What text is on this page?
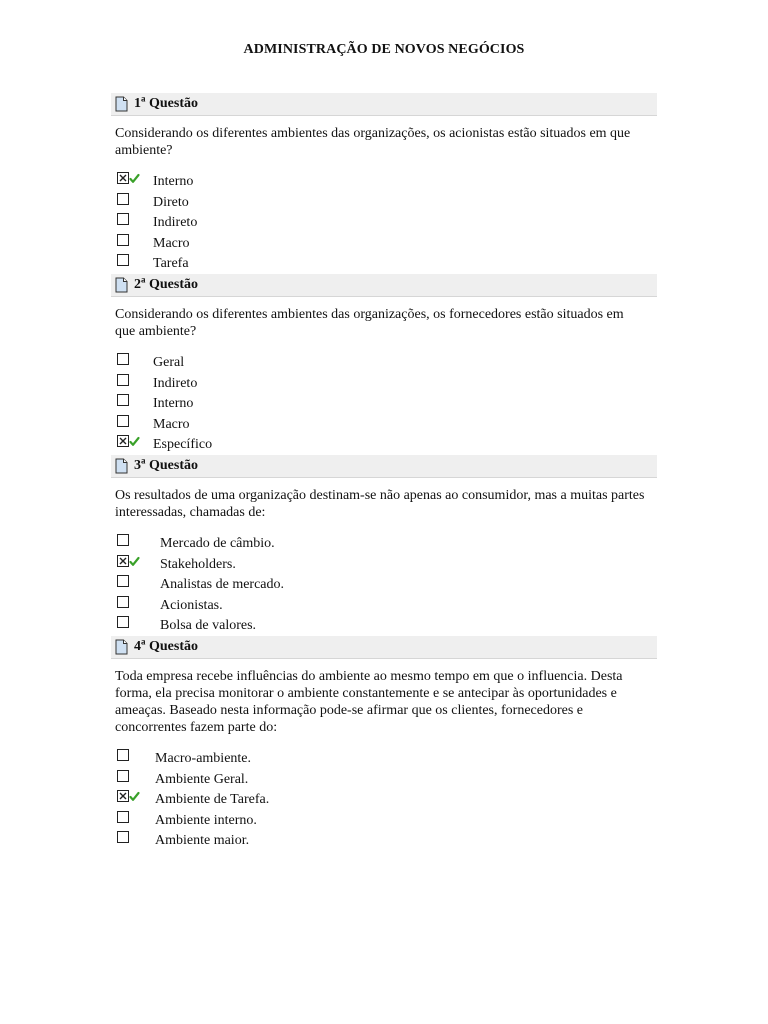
ADMINISTRAÇÃO DE NOVOS NEGÓCIOS
1$^a$ Questão
Considerando os diferentes ambientes das organizações, os acionistas estão situados em que ambiente?
Interno
Direto
Indireto
Macro
Tarefa
2$^a$ Questão
Considerando os diferentes ambientes das organizações, os fornecedores estão situados em que ambiente?
Geral
Indireto
Interno
Macro
Específico
3$^a$ Questão
Os resultados de uma organização destinam-se não apenas ao consumidor, mas a muitas partes interessadas, chamadas de:
Mercado de câmbio.
Stakeholders.
Analistas de mercado.
Acionistas.
Bolsa de valores.
4$^a$ Questão
Toda empresa recebe influências do ambiente ao mesmo tempo em que o influencia. Desta forma, ela precisa monitorar o ambiente constantemente e se antecipar às oportunidades e ameaças. Baseado nesta informação pode-se afirmar que os clientes, fornecedores e concorrentes fazem parte do:
Macro-ambiente.
Ambiente Geral.
Ambiente de Tarefa.
Ambiente interno.
Ambiente maior.
